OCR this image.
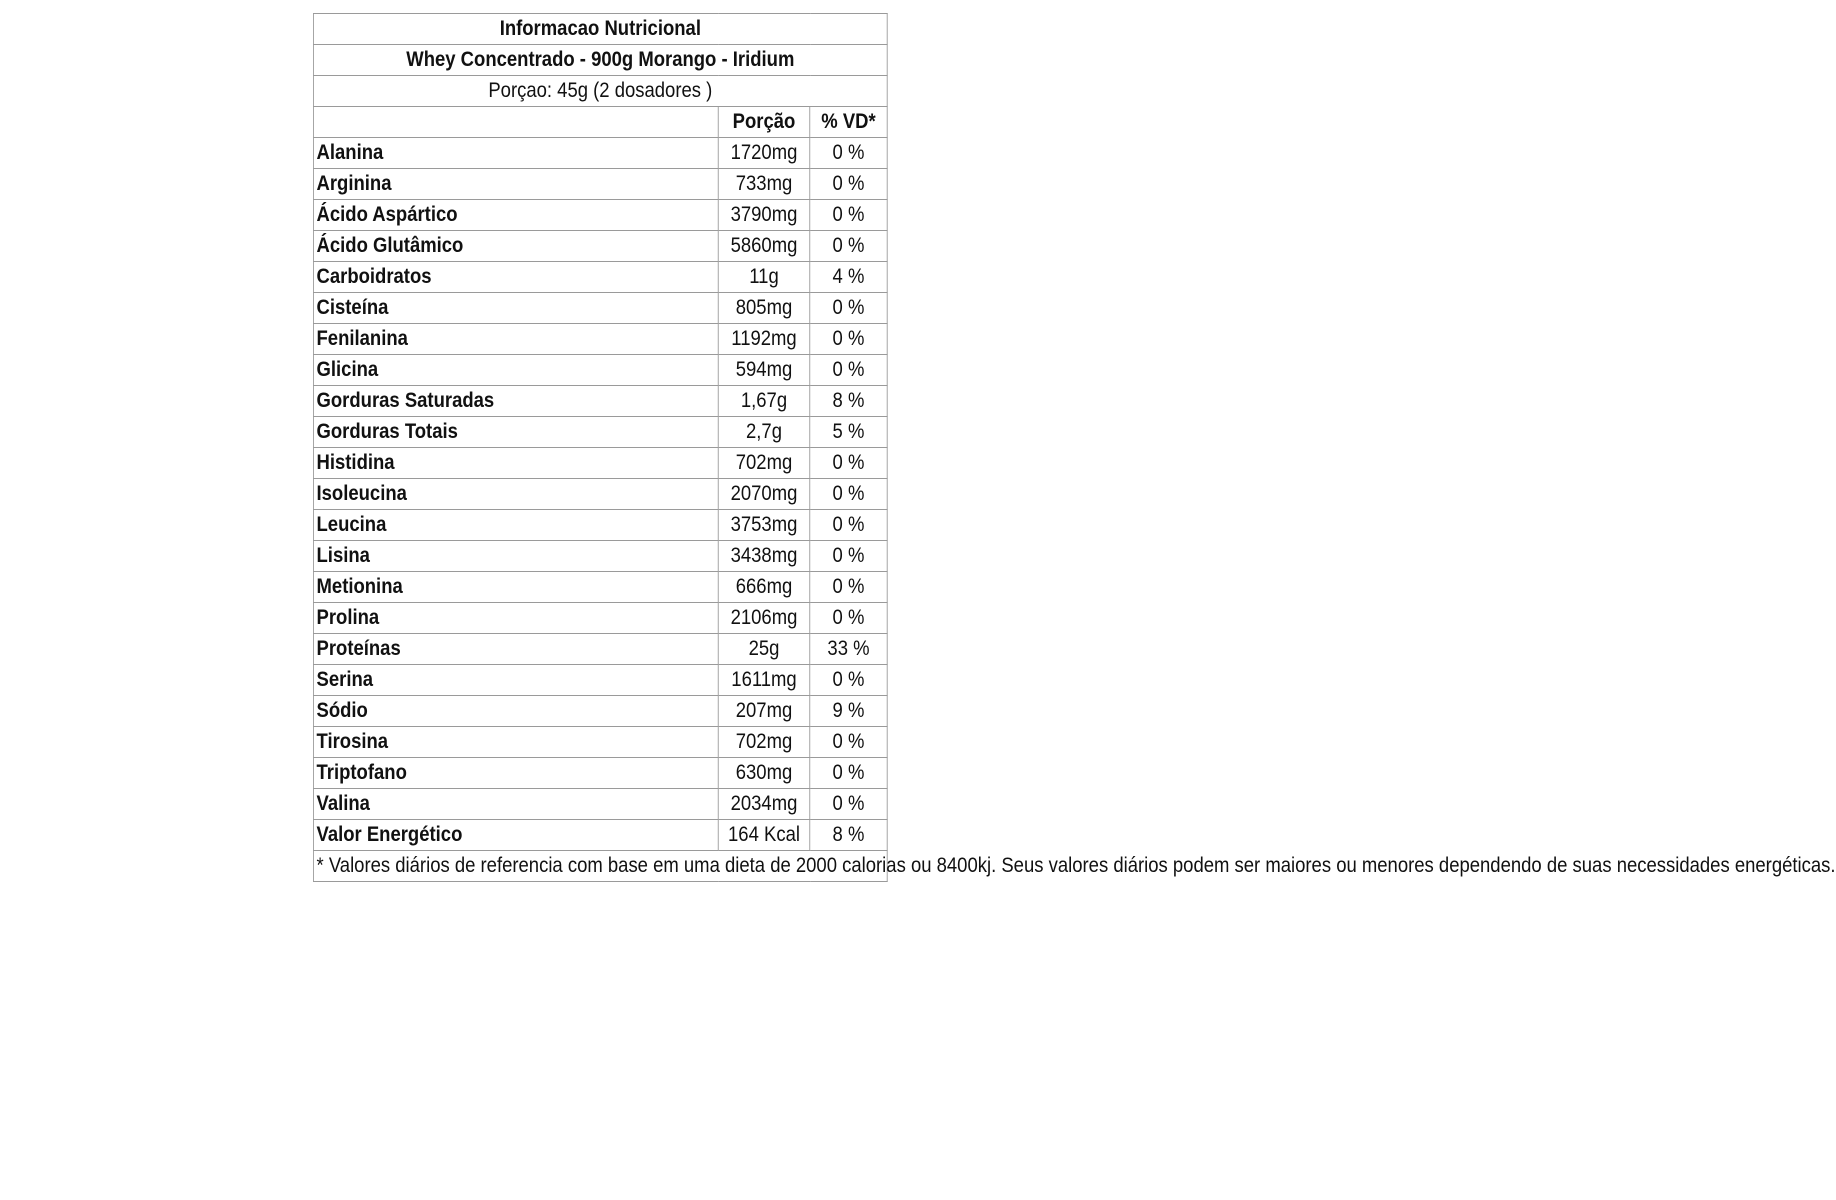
Informacao Nutricional		
Whey Concentrado - 900g Morango - Iridium		
Porçao: 45g (2 dosadores )		
	Porção	% VD*
Alanina	1720mg	0 %
Arginina	733mg	0 %
Ácido Aspártico	3790mg	0 %
Ácido Glutâmico	5860mg	0 %
Carboidratos	11g	4 %
Cisteína	805mg	0 %
Fenilanina	1192mg	0 %
Glicina	594mg	0 %
Gorduras Saturadas	1,67g	8 %
Gorduras Totais	2,7g	5 %
Histidina	702mg	0 %
Isoleucina	2070mg	0 %
Leucina	3753mg	0 %
Lisina	3438mg	0 %
Metionina	666mg	0 %
Prolina	2106mg	0 %
Proteínas	25g	33 %
Serina	1611mg	0 %
Sódio	207mg	9 %
Tirosina	702mg	0 %
Triptofano	630mg	0 %
Valina	2034mg	0 %
Valor Energético	164 Kcal	8 %
* Valores diários de referencia com base em uma dieta de 2000 calorias ou 8400kj. Seus valores diários podem ser maiores ou menores dependendo de suas necessidades energéticas.		
